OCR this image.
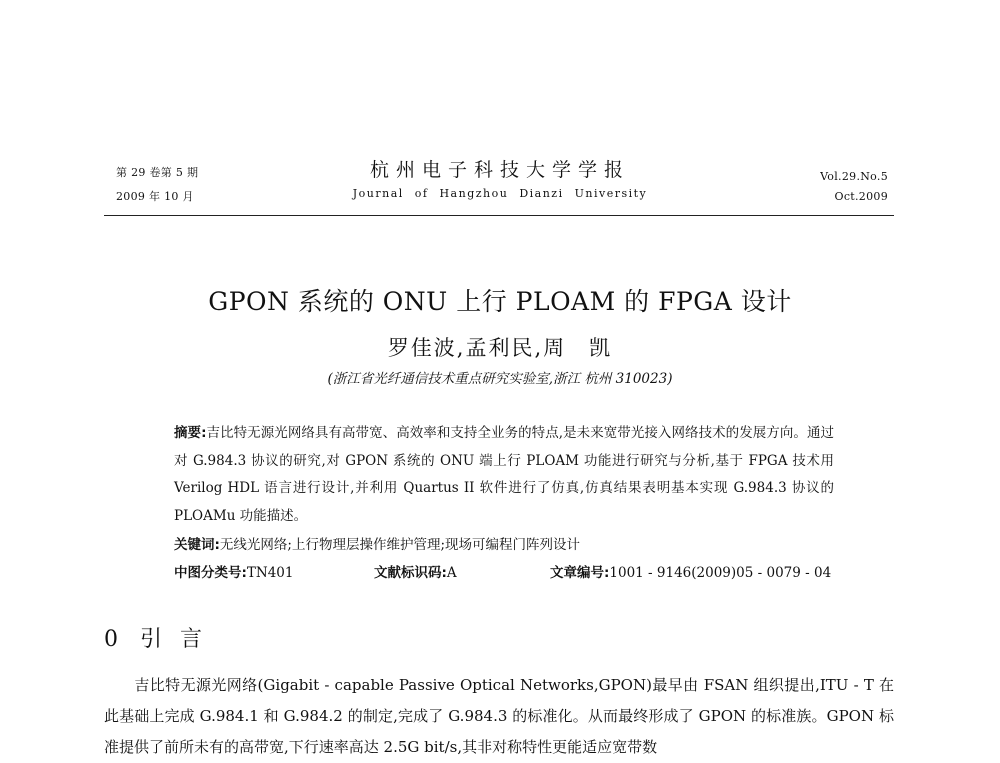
第 29 卷第 5 期
2009 年 10 月
杭州电子科技大学学报
Journal of Hangzhou Dianzi University
Vol.29.No.5
Oct.2009
GPON 系统的 ONU 上行 PLOAM 的 FPGA 设计
罗佳波,孟利民,周　凯
(浙江省光纤通信技术重点研究实验室,浙江 杭州 310023)
摘要:吉比特无源光网络具有高带宽、高效率和支持全业务的特点,是未来宽带光接入网络技术的发展方向。通过对 G.984.3 协议的研究,对 GPON 系统的 ONU 端上行 PLOAM 功能进行研究与分析,基于 FPGA 技术用 Verilog HDL 语言进行设计,并利用 Quartus II 软件进行了仿真,仿真结果表明基本实现 G.984.3 协议的 PLOAMu 功能描述。
关键词:无线光网络;上行物理层操作维护管理;现场可编程门阵列设计
中图分类号:TN401	文献标识码:A	文章编号:1001 - 9146(2009)05 - 0079 - 04
0 引言
吉比特无源光网络(Gigabit - capable Passive Optical Networks,GPON)最早由 FSAN 组织提出,ITU - T 在此基础上完成 G.984.1 和 G.984.2 的制定,完成了 G.984.3 的标准化。从而最终形成了 GPON 的标准族。GPON 标准提供了前所未有的高带宽,下行速率高达 2.5G bit/s,其非对称特性更能适应宽带数
